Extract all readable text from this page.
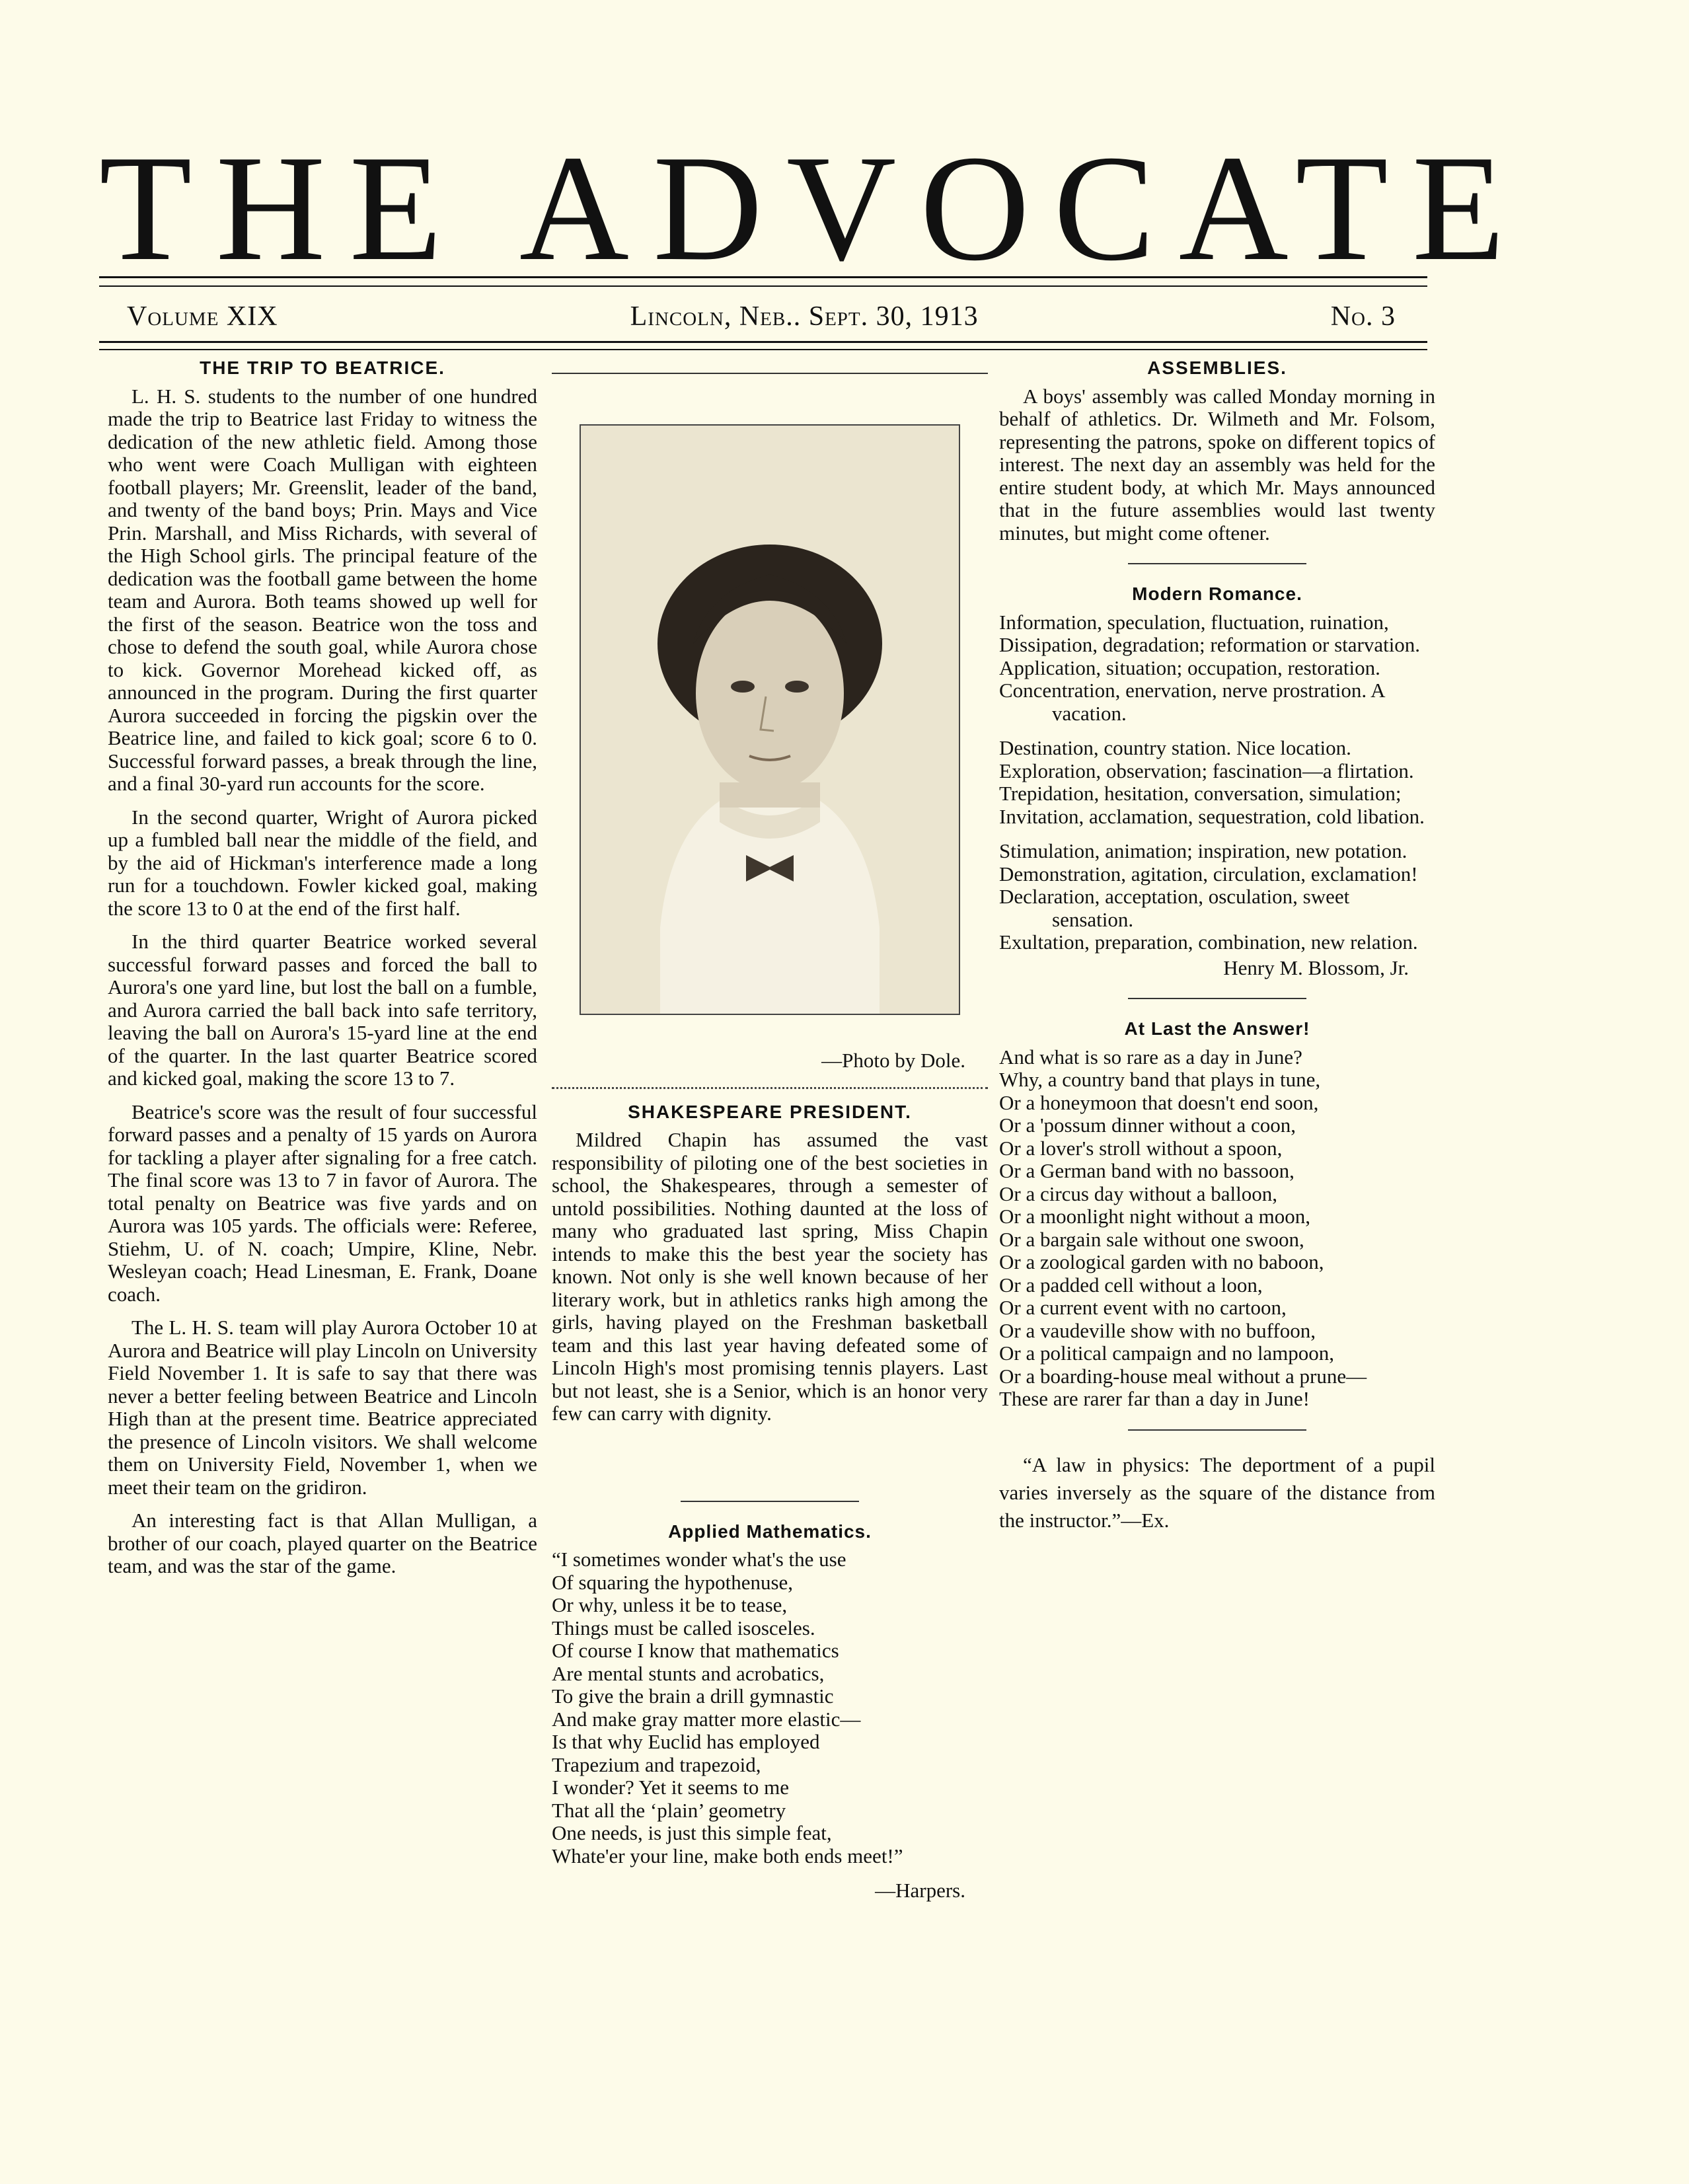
THE ADVOCATE
Volume XIX	Lincoln, Neb.. Sept. 30, 1913	No. 3
THE TRIP TO BEATRICE.

L. H. S. students to the number of one hundred made the trip to Beatrice last Friday to witness the dedication of the new athletic field. Among those who went were Coach Mulligan with eighteen football players; Mr. Greenslit, leader of the band, and twenty of the band boys; Prin. Mays and Vice Prin. Marshall, and Miss Richards, with several of the High School girls. The principal feature of the dedication was the football game between the home team and Aurora. Both teams showed up well for the first of the season. Beatrice won the toss and chose to defend the south goal, while Aurora chose to kick. Governor Morehead kicked off, as announced in the program. During the first quarter Aurora succeeded in forcing the pigskin over the Beatrice line, and failed to kick goal; score 6 to 0. Successful forward passes, a break through the line, and a final 30-yard run accounts for the score.

In the second quarter, Wright of Aurora picked up a fumbled ball near the middle of the field, and by the aid of Hickman's interference made a long run for a touchdown. Fowler kicked goal, making the score 13 to 0 at the end of the first half.

In the third quarter Beatrice worked several successful forward passes and forced the ball to Aurora's one yard line, but lost the ball on a fumble, and Aurora carried the ball back into safe territory, leaving the ball on Aurora's 15-yard line at the end of the quarter. In the last quarter Beatrice scored and kicked goal, making the score 13 to 7.

Beatrice's score was the result of four successful forward passes and a penalty of 15 yards on Aurora for tackling a player after signaling for a free catch. The final score was 13 to 7 in favor of Aurora. The total penalty on Beatrice was five yards and on Aurora was 105 yards. The officials were: Referee, Stiehm, U. of N. coach; Umpire, Kline, Nebr. Wesleyan coach; Head Linesman, E. Frank, Doane coach.

The L. H. S. team will play Aurora October 10 at Aurora and Beatrice will play Lincoln on University Field November 1. It is safe to say that there was never a better feeling between Beatrice and Lincoln High than at the present time. Beatrice appreciated the presence of Lincoln visitors. We shall welcome them on University Field, November 1, when we meet their team on the gridiron.

An interesting fact is that Allan Mulligan, a brother of our coach, played quarter on the Beatrice team, and was the star of the game.

—Photo by Dole.
SHAKESPEARE PRESIDENT.

Mildred Chapin has assumed the vast responsibility of piloting one of the best societies in school, the Shakespeares, through a semester of untold possibilities. Nothing daunted at the loss of many who graduated last spring, Miss Chapin intends to make this the best year the society has known. Not only is she well known because of her literary work, but in athletics ranks high among the girls, having played on the Freshman basketball team and this last year having defeated some of Lincoln High's most promising tennis players. Last but not least, she is a Senior, which is an honor very few can carry with dignity.

Applied Mathematics.
“I sometimes wonder what's the use
Of squaring the hypothenuse,
Or why, unless it be to tease,
Things must be called isosceles.
Of course I know that mathematics
Are mental stunts and acrobatics,
To give the brain a drill gymnastic
And make gray matter more elastic—
Is that why Euclid has employed
Trapezium and trapezoid,
I wonder? Yet it seems to me
That all the ‘plain’ geometry
One needs, is just this simple feat,
Whate'er your line, make both ends meet!”
—Harpers.
ASSEMBLIES.

A boys' assembly was called Monday morning in behalf of athletics. Dr. Wilmeth and Mr. Folsom, representing the patrons, spoke on different topics of interest. The next day an assembly was held for the entire student body, at which Mr. Mays announced that in the future assemblies would last twenty minutes, but might come oftener.

Modern Romance.
Information, speculation, fluctuation, ruination,
Dissipation, degradation; reformation or starvation.
Application, situation; occupation, restoration.
Concentration, enervation, nerve prostration. A vacation.
Destination, country station. Nice location.
Exploration, observation; fascination—a flirtation.
Trepidation, hesitation, conversation, simulation;
Invitation, acclamation, sequestration, cold libation.
Stimulation, animation; inspiration, new potation.
Demonstration, agitation, circulation, exclamation!
Declaration, acceptation, osculation, sweet sensation.
Exultation, preparation, combination, new relation.
Henry M. Blossom, Jr.
At Last the Answer!
And what is so rare as a day in June?
Why, a country band that plays in tune,
Or a honeymoon that doesn't end soon,
Or a 'possum dinner without a coon,
Or a lover's stroll without a spoon,
Or a German band with no bassoon,
Or a circus day without a balloon,
Or a moonlight night without a moon,
Or a bargain sale without one swoon,
Or a zoological garden with no baboon,
Or a padded cell without a loon,
Or a current event with no cartoon,
Or a vaudeville show with no buffoon,
Or a political campaign and no lampoon,
Or a boarding-house meal without a prune—
These are rarer far than a day in June!

“A law in physics: The deportment of a pupil varies inversely as the square of the distance from the instructor.”—Ex.
